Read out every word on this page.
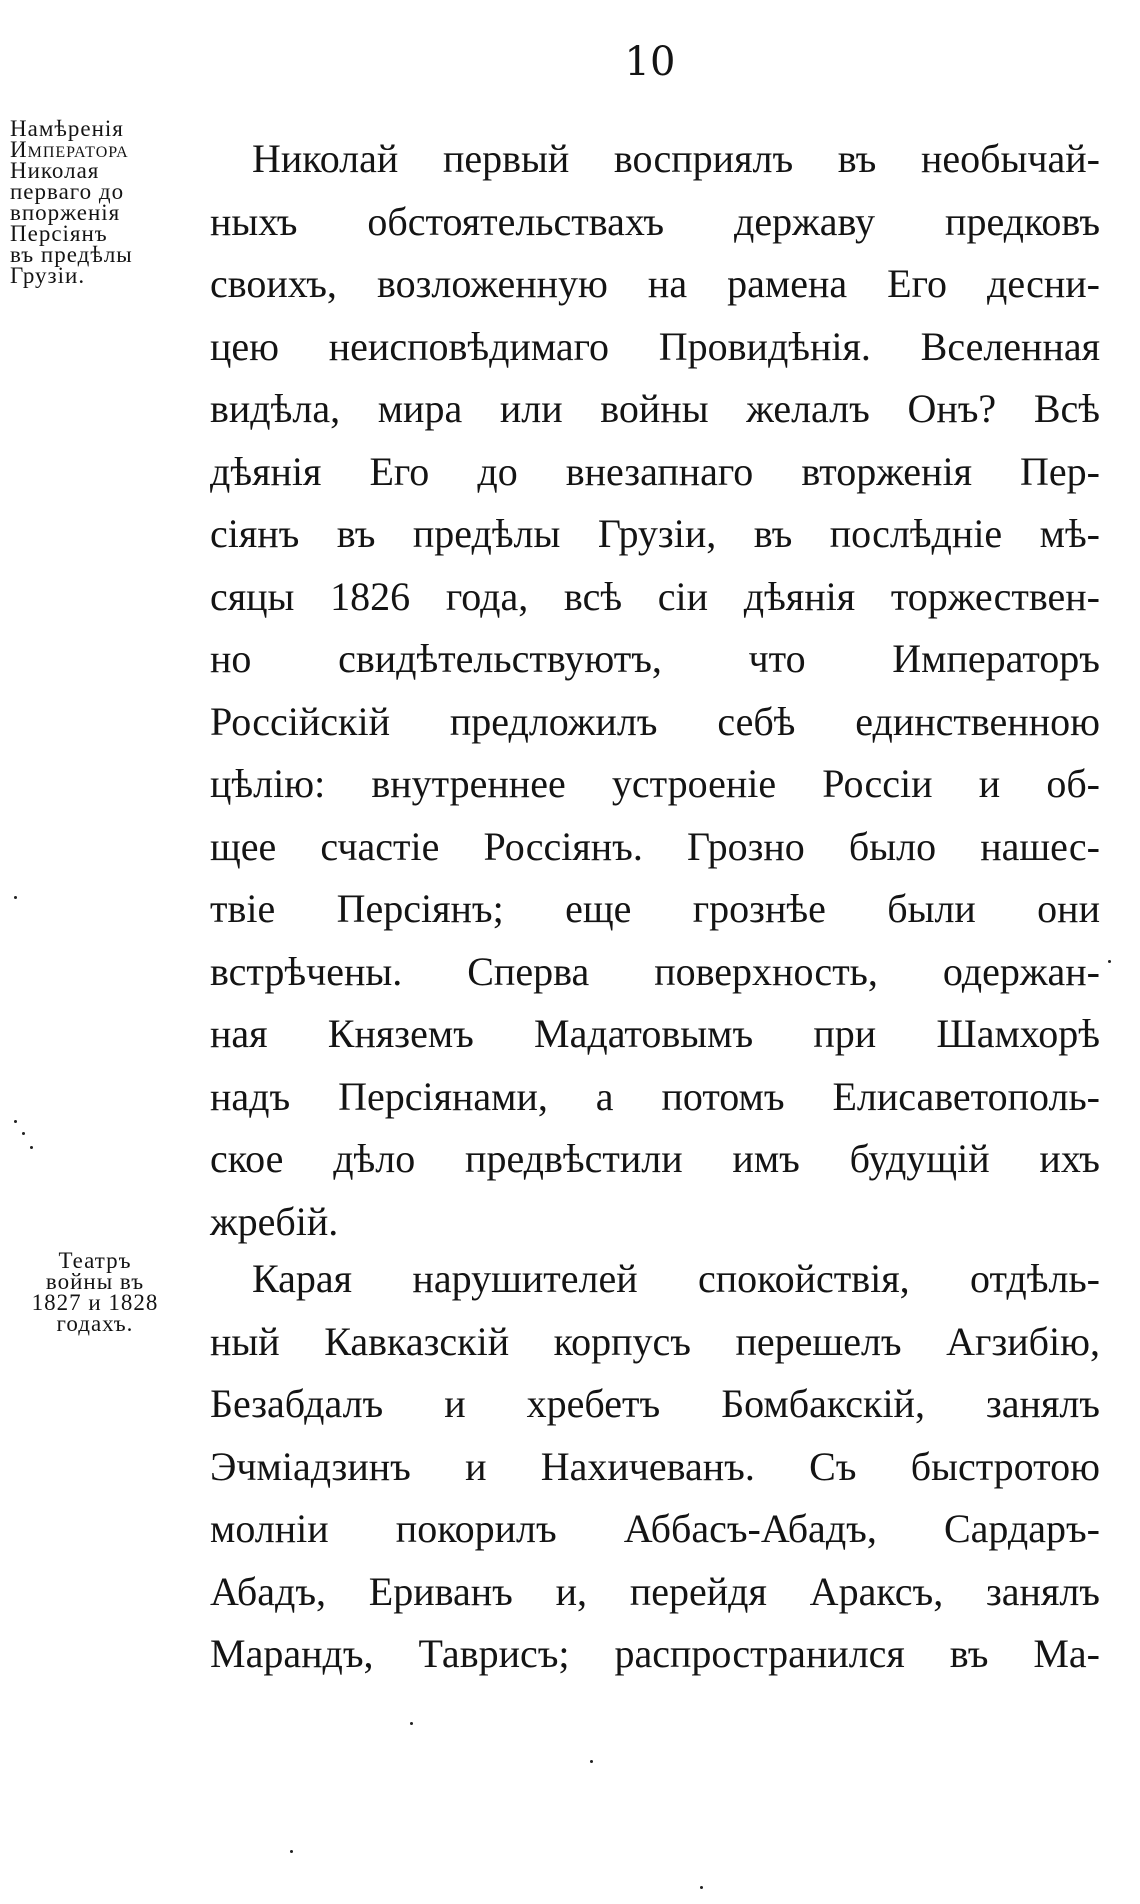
10
Намѣренія
Императора
Николая
перваго до
впорженія
Персіянъ
въ предѣлы
Грузіи.
Театръ
войны въ
1827 и 1828
годахъ.
Николай первый восприялъ въ необычай-
ныхъ обстоятельствахъ державу предковъ
своихъ, возложенную на рамена Его десни-
цею неисповѣдимаго Провидѣнія. Вселенная
видѣла, мира или войны желалъ Онъ? Всѣ
дѣянія Его до внезапнаго вторженія Пер-
сіянъ въ предѣлы Грузіи, въ послѣдніе мѣ-
сяцы 1826 года, всѣ сіи дѣянія торжествен-
но свидѣтельствуютъ, что Императоръ
Россійскій предложилъ себѣ единственною
цѣлію: внутреннее устроеніе Россіи и об-
щее счастіе Россіянъ. Грозно было нашес-
твіе Персіянъ; еще грознѣе были они
встрѣчены. Сперва поверхность, одержан-
ная Княземъ Мадатовымъ при Шамхорѣ
надъ Персіянами, а потомъ Елисаветополь-
ское дѣло предвѣстили имъ будущій ихъ
жребій.
Карая нарушителей спокойствія, отдѣль-
ный Кавказскій корпусъ перешелъ Агзибію,
Безабдалъ и хребетъ Бомбакскій, занялъ
Эчміадзинъ и Нахичеванъ. Съ быстротою
молніи покорилъ Аббасъ-Абадъ, Сардаръ-
Абадъ, Ериванъ и, перейдя Араксъ, занялъ
Марандъ, Таврисъ; распространился въ Ма-
